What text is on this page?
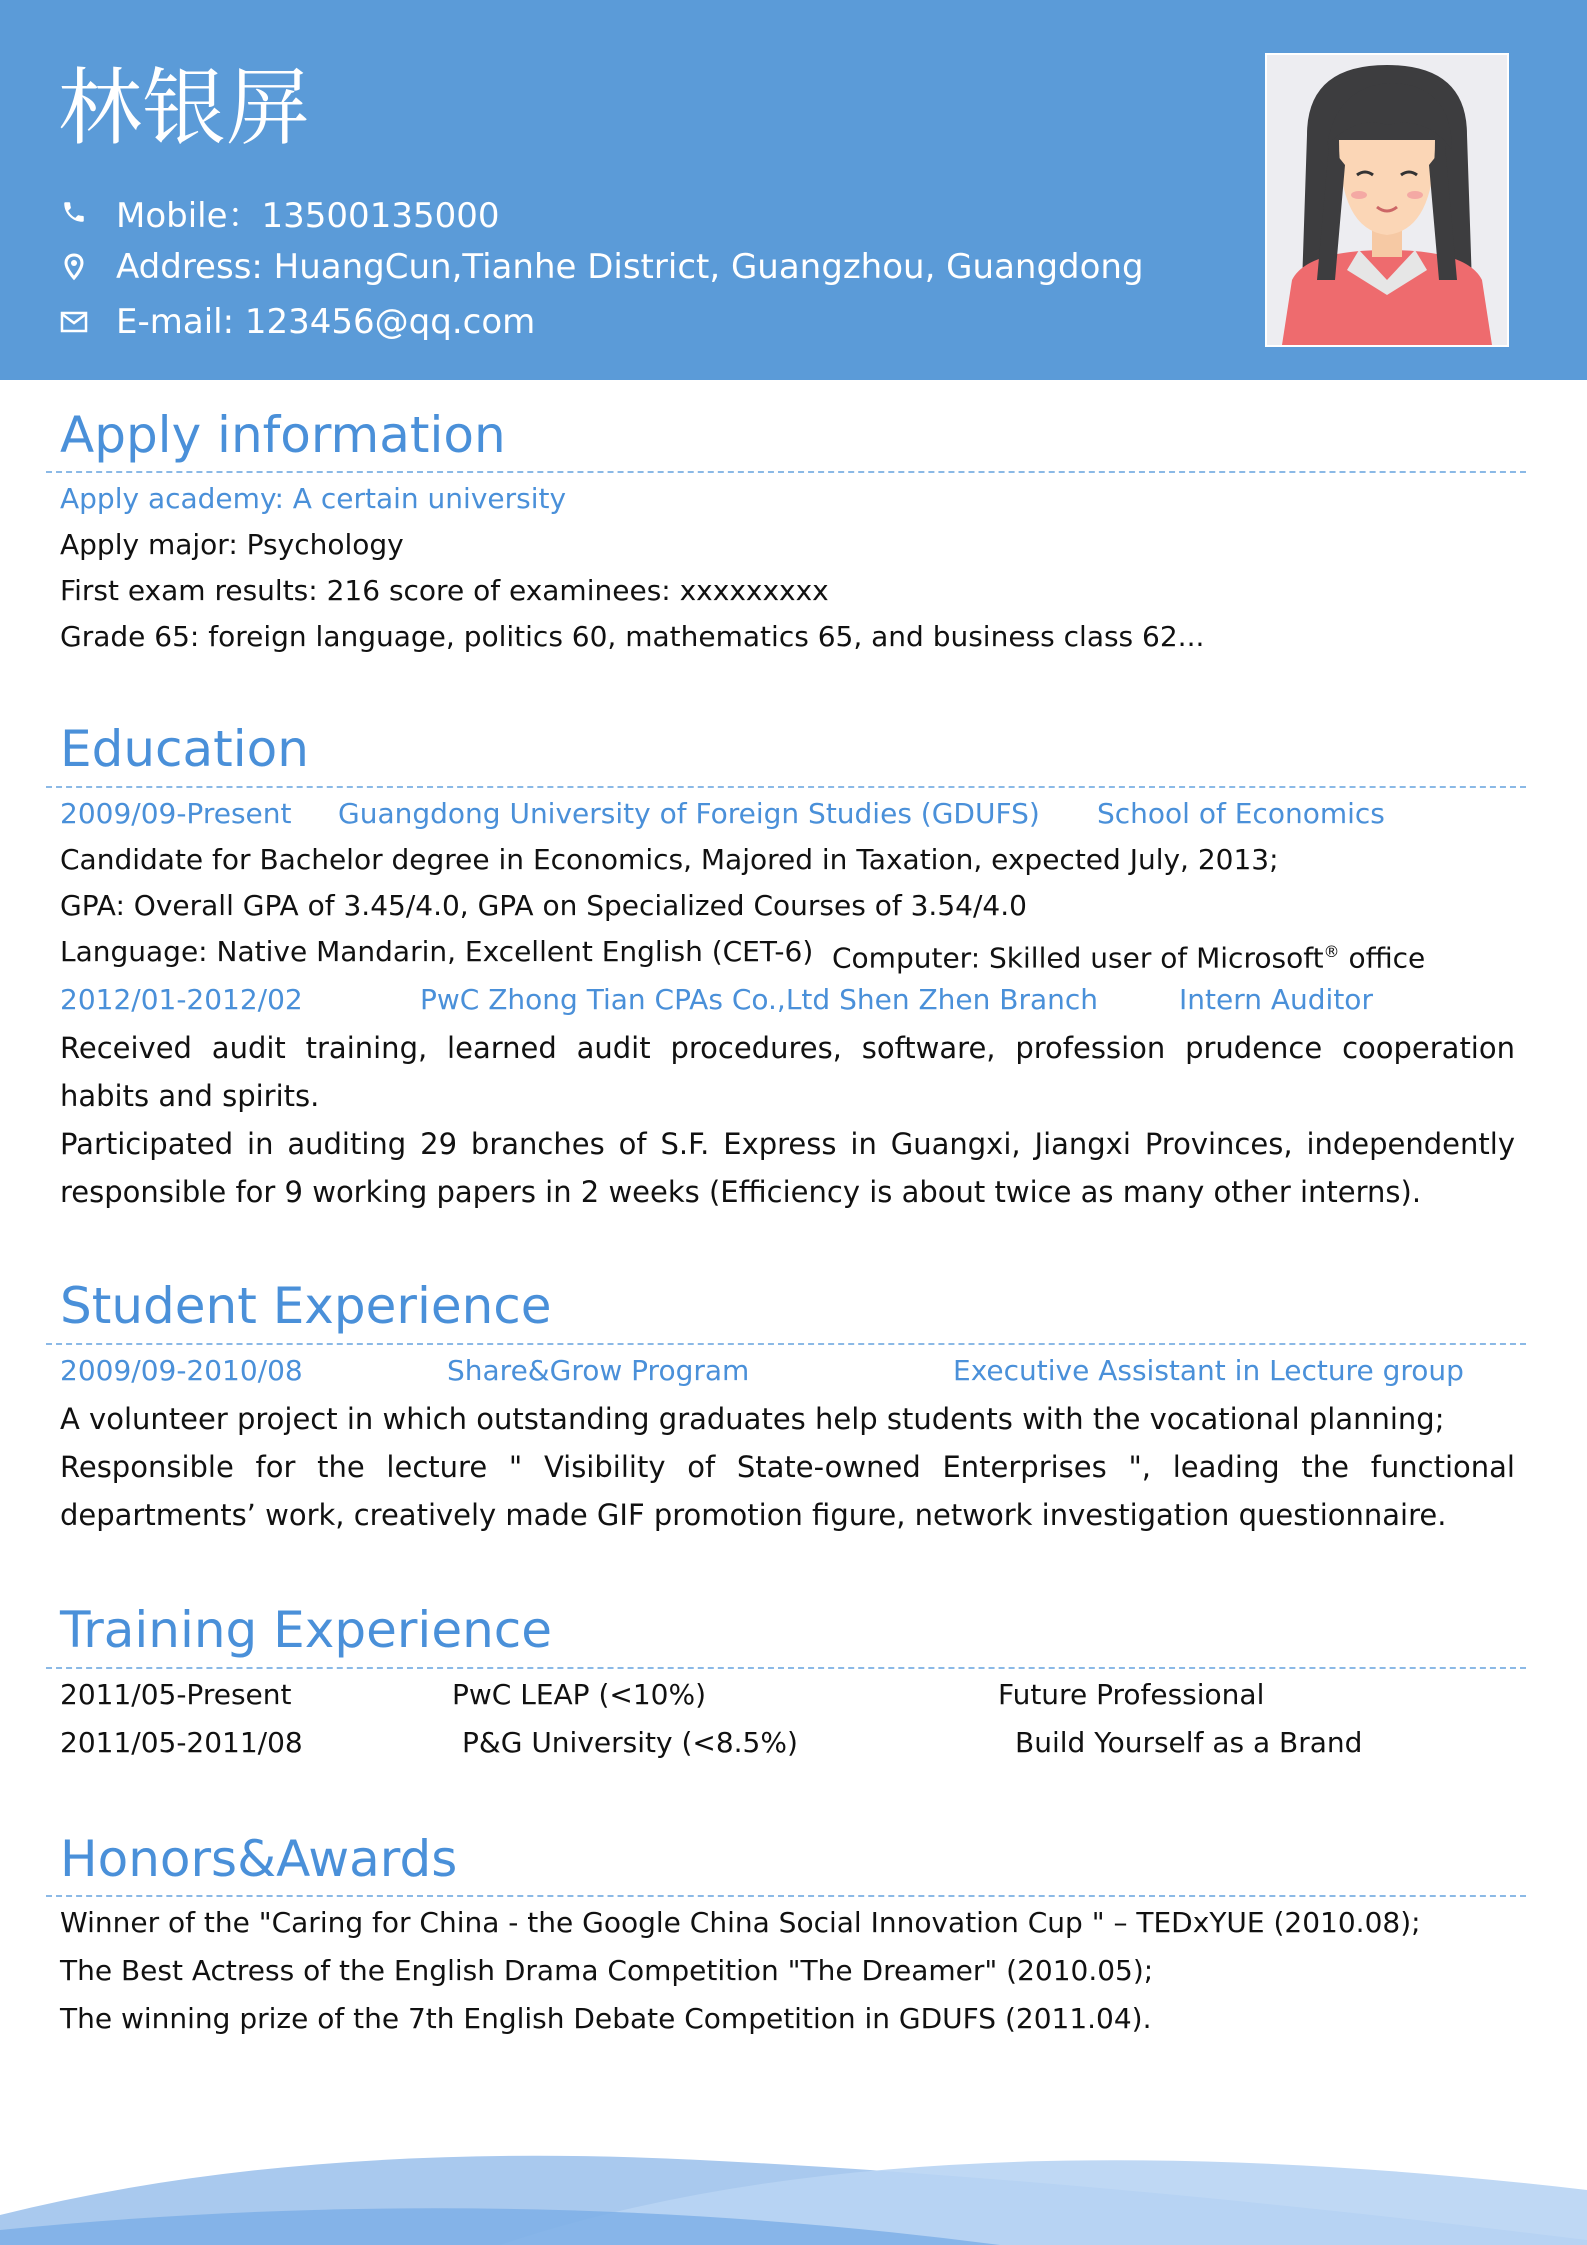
林银屏
Mobile：13500135000
Address: HuangCun,Tianhe District, Guangzhou, Guangdong
E-mail: 123456@qq.com
Apply information
Apply academy: A certain university
Apply major: Psychology
First exam results: 216 score of examinees: xxxxxxxxx
Grade 65: foreign language, politics 60, mathematics 65, and business class 62...
Education
2009/09-Present Guangdong University of Foreign Studies (GDUFS) School of Economics
Candidate for Bachelor degree in Economics, Majored in Taxation, expected July, 2013;
GPA: Overall GPA of 3.45/4.0, GPA on Specialized Courses of 3.54/4.0
Language: Native Mandarin, Excellent English (CET-6) Computer: Skilled user of Microsoft® office
2012/01-2012/02	PwC Zhong Tian CPAs Co.,Ltd Shen Zhen Branch	Intern Auditor
Received audit training, learned audit procedures, software, profession prudence cooperation habits and spirits.
Participated in auditing 29 branches of S.F. Express in Guangxi, Jiangxi Provinces, independently responsible for 9 working papers in 2 weeks (Efficiency is about twice as many other interns).
Student Experience
2009/09-2010/08	Share&Grow Program	Executive Assistant in Lecture group
A volunteer project in which outstanding graduates help students with the vocational planning;
Responsible for the lecture " Visibility of State-owned Enterprises ", leading the functional departments’ work, creatively made GIF promotion figure, network investigation questionnaire.
Training Experience
2011/05-Present	PwC LEAP (<10%)	Future Professional
2011/05-2011/08	P&G University (<8.5%)	Build Yourself as a Brand
Honors&Awards
Winner of the "Caring for China - the Google China Social Innovation Cup " – TEDxYUE (2010.08);
The Best Actress of the English Drama Competition "The Dreamer" (2010.05);
The winning prize of the 7th English Debate Competition in GDUFS (2011.04).
